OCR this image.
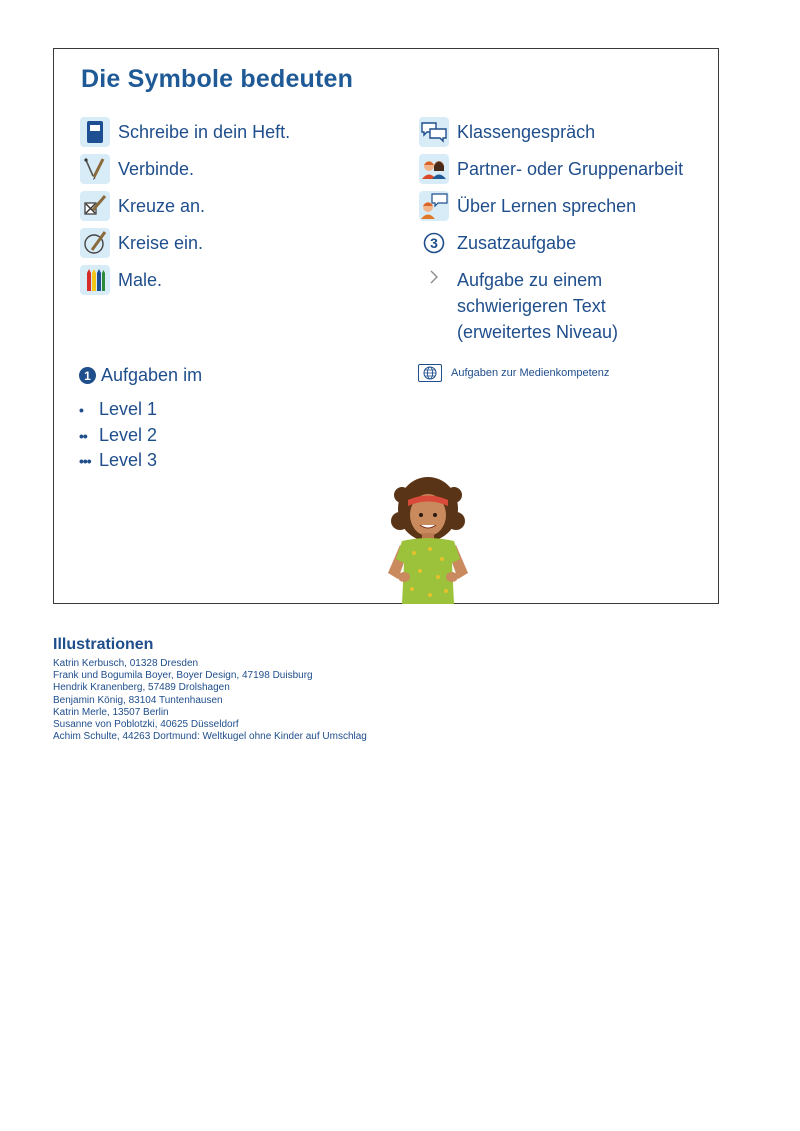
Die Symbole bedeuten
Schreibe in dein Heft.
Verbinde.
Kreuze an.
Kreise ein.
Male.
Klassengespräch
Partner- oder Gruppenarbeit
Über Lernen sprechen
3 Zusatzaufgabe
Aufgabe zu einem
schwierigeren Text
(erweitertes Niveau)
1 Aufgaben im
• Level 1
•• Level 2
••• Level 3
Aufgaben zur Medienkompetenz
Illustrationen
Katrin Kerbusch, 01328 Dresden
Frank und Bogumila Boyer, Boyer Design, 47198 Duisburg
Hendrik Kranenberg, 57489 Drolshagen
Benjamin König, 83104 Tuntenhausen
Katrin Merle, 13507 Berlin
Susanne von Poblotzki, 40625 Düsseldorf
Achim Schulte, 44263 Dortmund: Weltkugel ohne Kinder auf Umschlag
